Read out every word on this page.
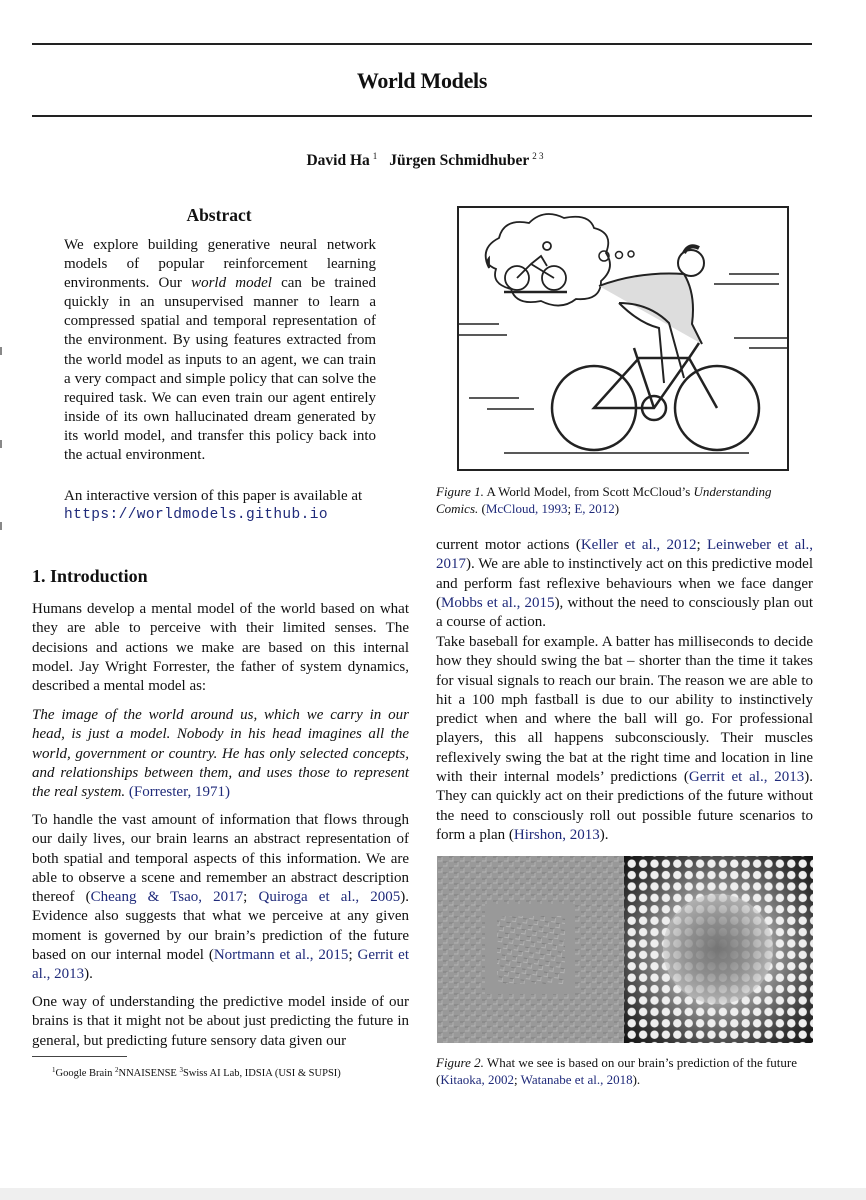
World Models
David Ha $^1$ Jürgen Schmidhuber $^{2 3}$
Abstract
We explore building generative neural network models of popular reinforcement learning environments. Our world model can be trained quickly in an unsupervised manner to learn a compressed spatial and temporal representation of the environment. By using features extracted from the world model as inputs to an agent, we can train a very compact and simple policy that can solve the required task. We can even train our agent entirely inside of its own hallucinated dream generated by its world model, and transfer this policy back into the actual environment.
An interactive version of this paper is available at
https://worldmodels.github.io
1. Introduction
Humans develop a mental model of the world based on what they are able to perceive with their limited senses. The decisions and actions we make are based on this internal model. Jay Wright Forrester, the father of system dynamics, described a mental model as:
The image of the world around us, which we carry in our head, is just a model. Nobody in his head imagines all the world, government or country. He has only selected concepts, and relationships between them, and uses those to represent the real system. (Forrester, 1971)
To handle the vast amount of information that flows through our daily lives, our brain learns an abstract representation of both spatial and temporal aspects of this information. We are able to observe a scene and remember an abstract description thereof (Cheang & Tsao, 2017; Quiroga et al., 2005). Evidence also suggests that what we perceive at any given moment is governed by our brain’s prediction of the future based on our internal model (Nortmann et al., 2015; Gerrit et al., 2013).
One way of understanding the predictive model inside of our brains is that it might not be about just predicting the future in general, but predicting future sensory data given our
$^1$Google Brain $^2$NNAISENSE $^3$Swiss AI Lab, IDSIA (USI & SUPSI)
Figure 1. A World Model, from Scott McCloud’s Understanding Comics. (McCloud, 1993; E, 2012)
current motor actions (Keller et al., 2012; Leinweber et al., 2017). We are able to instinctively act on this predictive model and perform fast reflexive behaviours when we face danger (Mobbs et al., 2015), without the need to consciously plan out a course of action.
Take baseball for example. A batter has milliseconds to decide how they should swing the bat – shorter than the time it takes for visual signals to reach our brain. The reason we are able to hit a 100 mph fastball is due to our ability to instinctively predict when and where the ball will go. For professional players, this all happens subconsciously. Their muscles reflexively swing the bat at the right time and location in line with their internal models’ predictions (Gerrit et al., 2013). They can quickly act on their predictions of the future without the need to consciously roll out possible future scenarios to form a plan (Hirshon, 2013).
Figure 2. What we see is based on our brain’s prediction of the future (Kitaoka, 2002; Watanabe et al., 2018).
